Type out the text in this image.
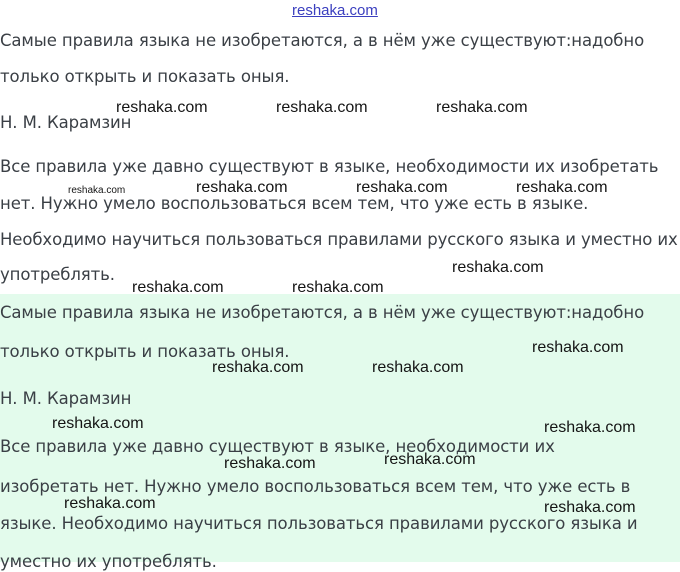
reshaka.com
Самые правила языка не изобретаются, а в нём уже существуют:надобно
только открыть и показать оныя.
Н. М. Карамзин
Все правила уже давно существуют в языке, необходимости их изобретать
нет. Нужно умело воспользоваться всем тем, что уже есть в языке.
Необходимо научиться пользоваться правилами русского языка и уместно их
употреблять.
Самые правила языка не изобретаются, а в нём уже существуют:надобно
только открыть и показать оныя.
Н. М. Карамзин
Все правила уже давно существуют в языке, необходимости их
изобретать нет. Нужно умело воспользоваться всем тем, что уже есть в
языке. Необходимо научиться пользоваться правилами русского языка и
уместно их употреблять.
reshaka.com	reshaka.com	reshaka.com
reshaka.com	reshaka.com	reshaka.com	reshaka.com
reshaka.com
reshaka.com	reshaka.com
reshaka.com
reshaka.com	reshaka.com
reshaka.com	reshaka.com
reshaka.com
reshaka.com
reshaka.com	reshaka.com
